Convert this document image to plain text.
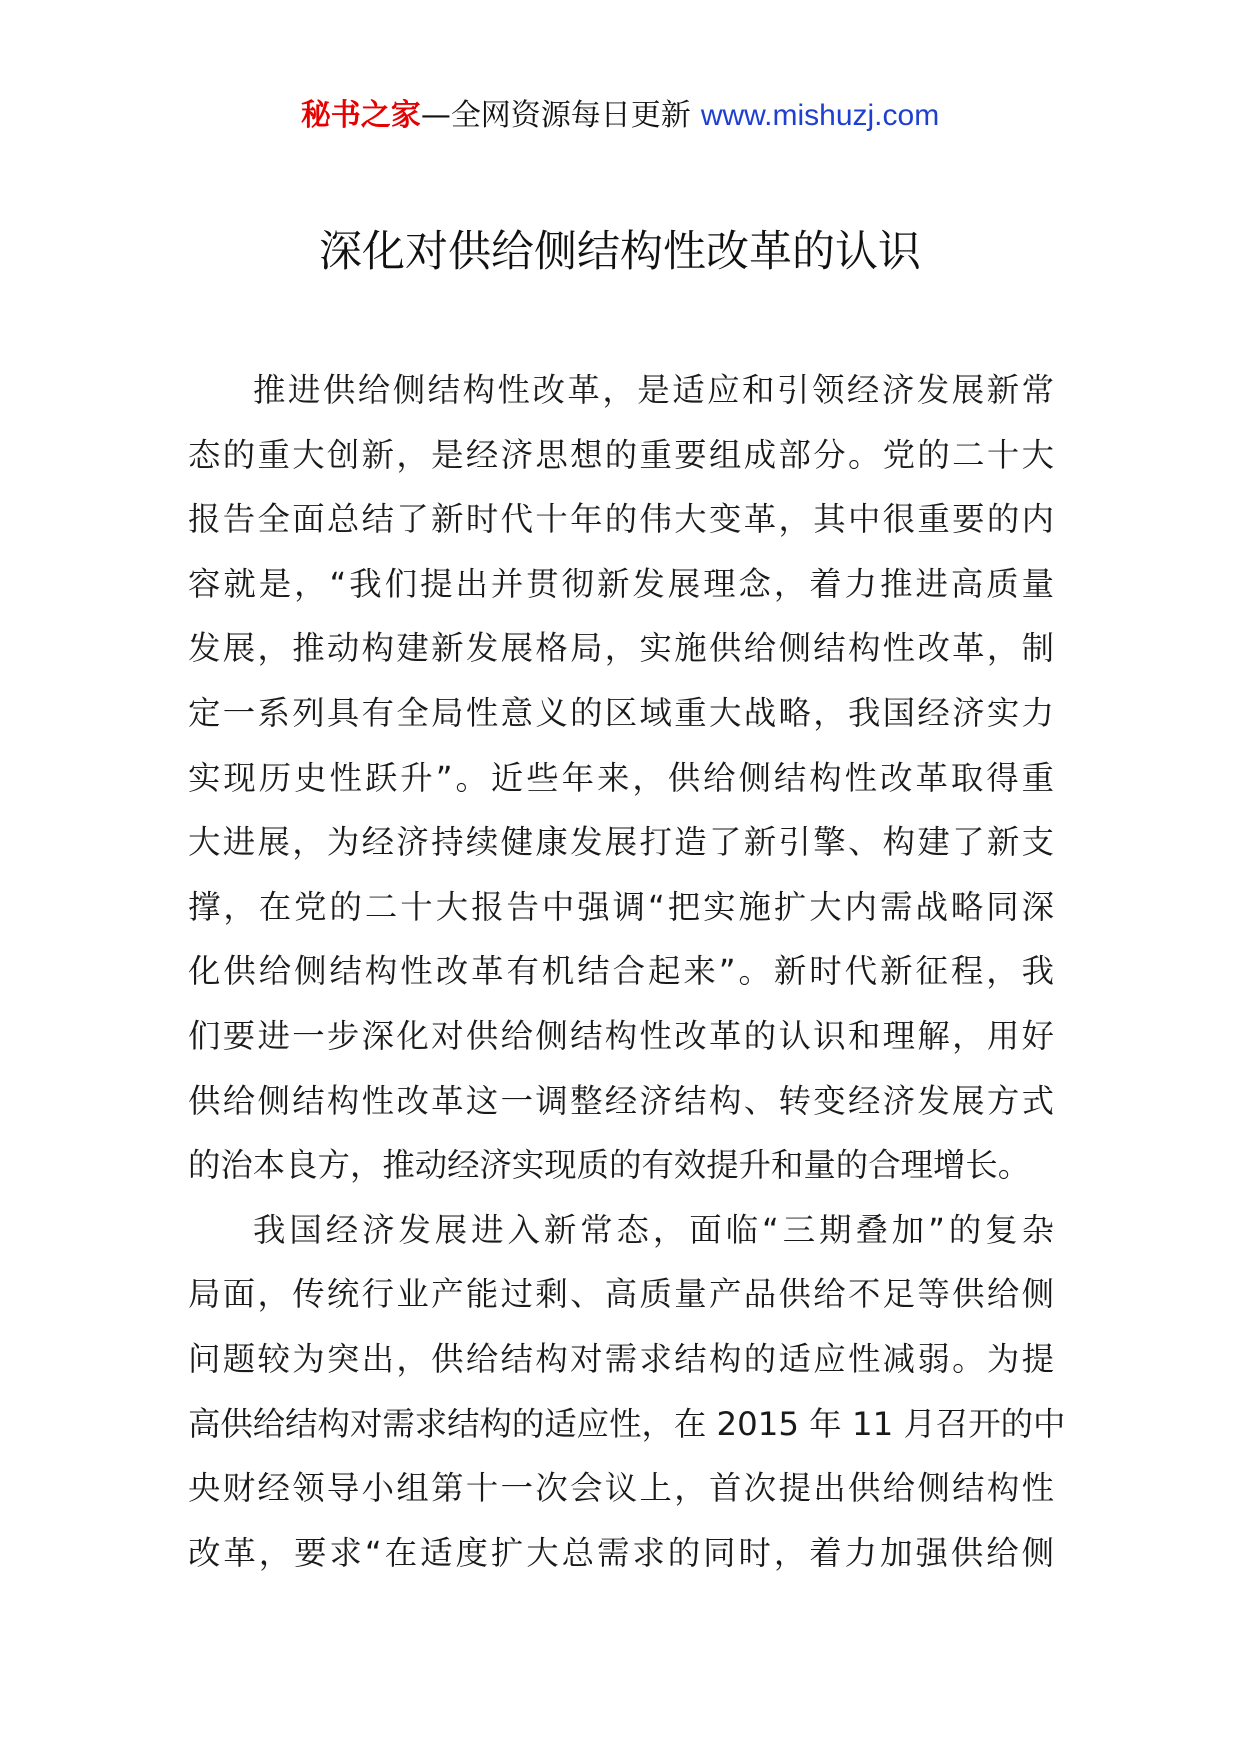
秘书之家—全网资源每日更新 www.mishuzj.com
深化对供给侧结构性改革的认识
推进供给侧结构性改革，是适应和引领经济发展新常
态的重大创新，是经济思想的重要组成部分。党的二十大
报告全面总结了新时代十年的伟大变革，其中很重要的内
容就是，“我们提出并贯彻新发展理念，着力推进高质量
发展，推动构建新发展格局，实施供给侧结构性改革，制
定一系列具有全局性意义的区域重大战略，我国经济实力
实现历史性跃升”。近些年来，供给侧结构性改革取得重
大进展，为经济持续健康发展打造了新引擎、构建了新支
撑，在党的二十大报告中强调“把实施扩大内需战略同深
化供给侧结构性改革有机结合起来”。新时代新征程，我
们要进一步深化对供给侧结构性改革的认识和理解，用好
供给侧结构性改革这一调整经济结构、转变经济发展方式
的治本良方，推动经济实现质的有效提升和量的合理增长。
我国经济发展进入新常态，面临“三期叠加”的复杂
局面，传统行业产能过剩、高质量产品供给不足等供给侧
问题较为突出，供给结构对需求结构的适应性减弱。为提
高供给结构对需求结构的适应性，在 2015 年 11 月召开的中
央财经领导小组第十一次会议上，首次提出供给侧结构性
改革，要求“在适度扩大总需求的同时，着力加强供给侧
